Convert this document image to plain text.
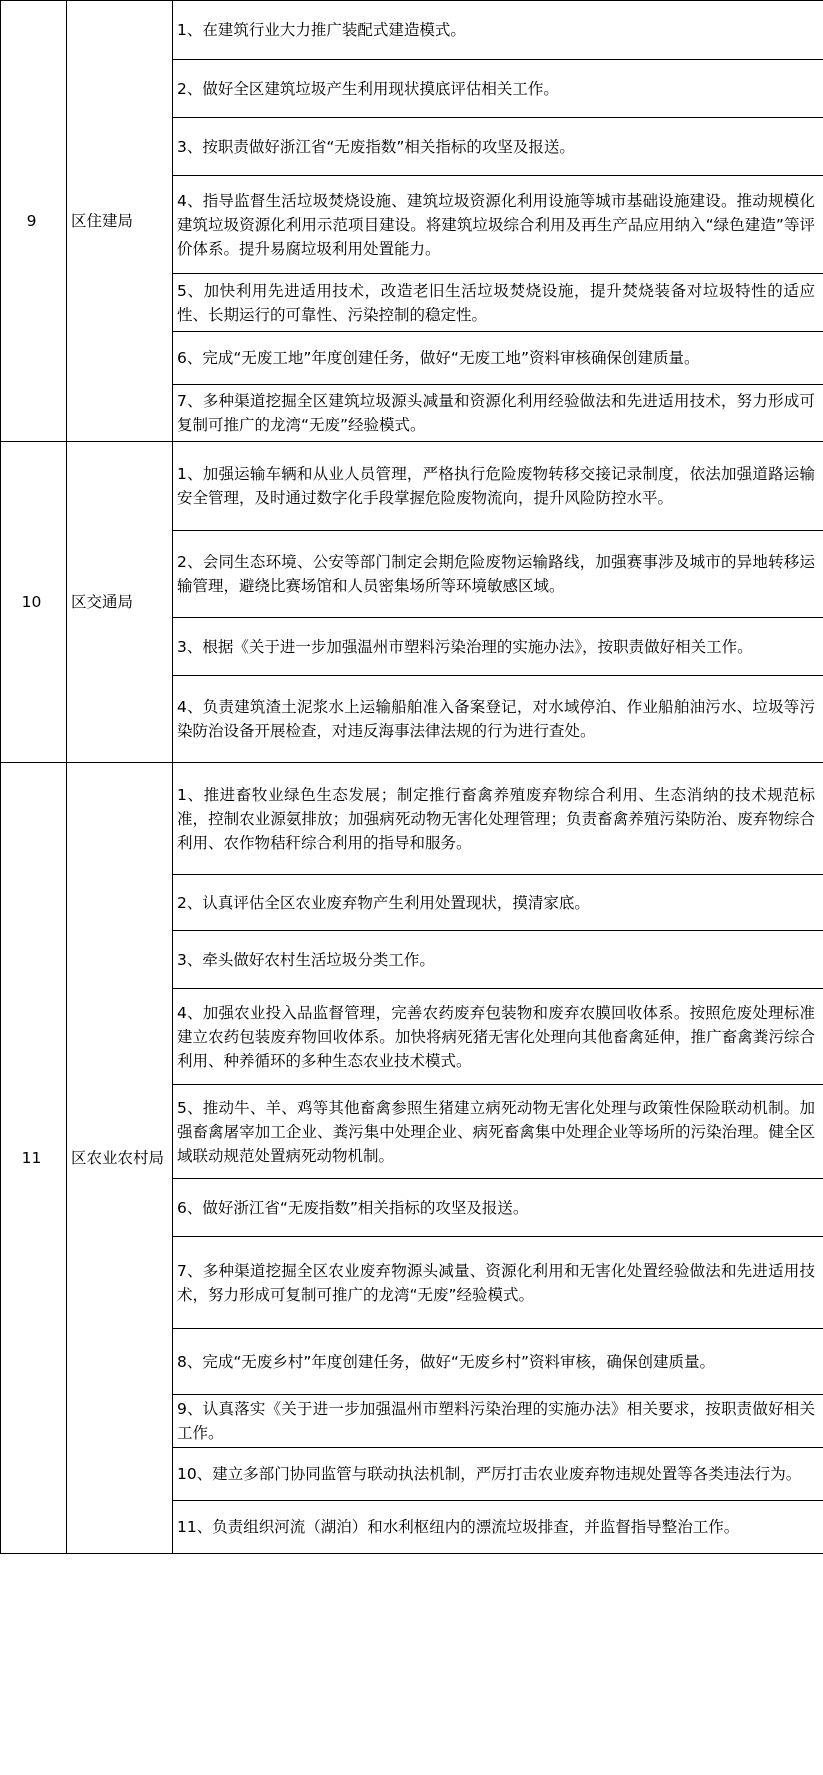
9	区住建局	1、在建筑行业大力推广装配式建造模式。
		2、做好全区建筑垃圾产生利用现状摸底评估相关工作。
		3、按职责做好浙江省“无废指数”相关指标的攻坚及报送。
		4、指导监督生活垃圾焚烧设施、建筑垃圾资源化利用设施等城市基础设施建设。推动规模化建筑垃圾资源化利用示范项目建设。将建筑垃圾综合利用及再生产品应用纳入“绿色建造”等评价体系。提升易腐垃圾利用处置能力。
		5、加快利用先进适用技术，改造老旧生活垃圾焚烧设施，提升焚烧装备对垃圾特性的适应性、长期运行的可靠性、污染控制的稳定性。
		6、完成“无废工地”年度创建任务，做好“无废工地”资料审核确保创建质量。
		7、多种渠道挖掘全区建筑垃圾源头减量和资源化利用经验做法和先进适用技术，努力形成可复制可推广的龙湾“无废”经验模式。
10	区交通局	1、加强运输车辆和从业人员管理，严格执行危险废物转移交接记录制度，依法加强道路运输安全管理，及时通过数字化手段掌握危险废物流向，提升风险防控水平。
		2、会同生态环境、公安等部门制定会期危险废物运输路线，加强赛事涉及城市的异地转移运输管理，避绕比赛场馆和人员密集场所等环境敏感区域。
		3、根据《关于进一步加强温州市塑料污染治理的实施办法》，按职责做好相关工作。
		4、负责建筑渣土泥浆水上运输船舶准入备案登记，对水域停泊、作业船舶油污水、垃圾等污染防治设备开展检查，对违反海事法律法规的行为进行查处。
11	区农业农村局	1、推进畜牧业绿色生态发展；制定推行畜禽养殖废弃物综合利用、生态消纳的技术规范标准，控制农业源氨排放；加强病死动物无害化处理管理；负责畜禽养殖污染防治、废弃物综合利用、农作物秸秆综合利用的指导和服务。
		2、认真评估全区农业废弃物产生利用处置现状，摸清家底。
		3、牵头做好农村生活垃圾分类工作。
		4、加强农业投入品监督管理，完善农药废弃包装物和废弃农膜回收体系。按照危废处理标准建立农药包装废弃物回收体系。加快将病死猪无害化处理向其他畜禽延伸，推广畜禽粪污综合利用、种养循环的多种生态农业技术模式。
		5、推动牛、羊、鸡等其他畜禽参照生猪建立病死动物无害化处理与政策性保险联动机制。加强畜禽屠宰加工企业、粪污集中处理企业、病死畜禽集中处理企业等场所的污染治理。健全区域联动规范处置病死动物机制。
		6、做好浙江省“无废指数”相关指标的攻坚及报送。
		7、多种渠道挖掘全区农业废弃物源头减量、资源化利用和无害化处置经验做法和先进适用技术，努力形成可复制可推广的龙湾“无废”经验模式。
		8、完成“无废乡村”年度创建任务，做好“无废乡村”资料审核，确保创建质量。
		9、认真落实《关于进一步加强温州市塑料污染治理的实施办法》相关要求，按职责做好相关工作。
		10、建立多部门协同监管与联动执法机制，严厉打击农业废弃物违规处置等各类违法行为。
		11、负责组织河流（湖泊）和水利枢纽内的漂流垃圾排查，并监督指导整治工作。
